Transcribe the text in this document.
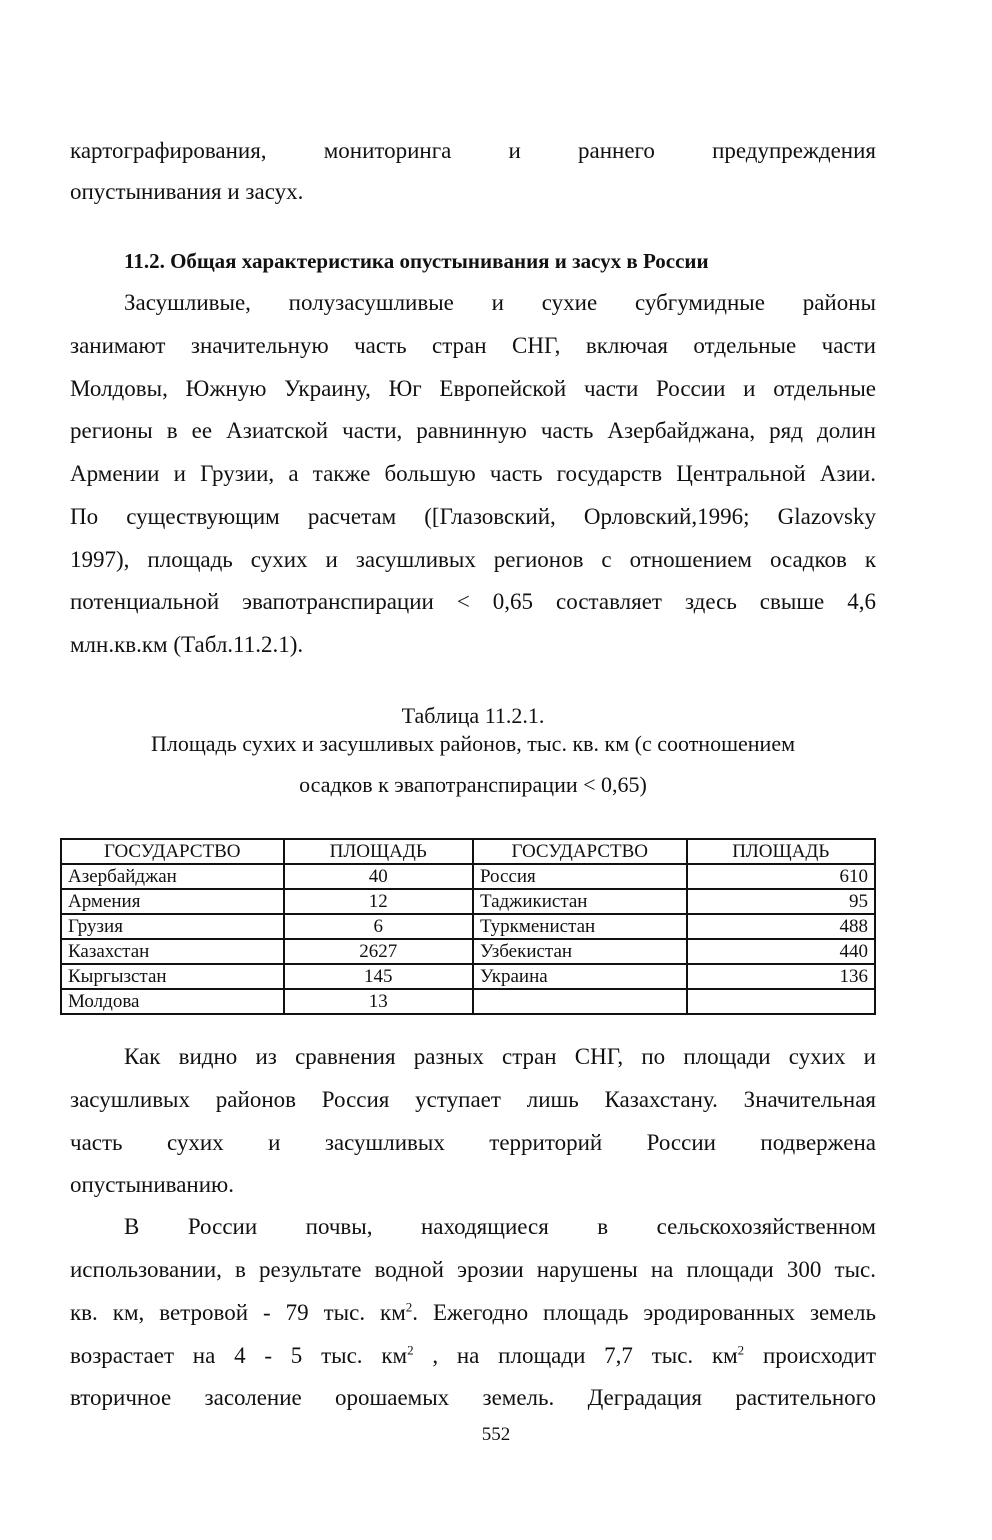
картографирования, мониторинга и раннего предупреждения
опустынивания и засух.
11.2. Общая характеристика опустынивания и засух в России
Засушливые, полузасушливые и сухие субгумидные районы
занимают значительную часть стран СНГ, включая отдельные части
Молдовы, Южную Украину, Юг Европейской части России и отдельные
регионы в ее Азиатской части, равнинную часть Азербайджана, ряд долин
Армении и Грузии, а также большую часть государств Центральной Азии.
По существующим расчетам ([Глазовский, Орловский,1996; Glazovsky
1997), площадь сухих и засушливых регионов с отношением осадков к
потенциальной эвапотранспирации < 0,65 составляет здесь свыше 4,6
млн.кв.км (Табл.11.2.1).
Таблица 11.2.1.
Площадь сухих и засушливых районов, тыс. кв. км (с соотношением
осадков к эвапотранспирации < 0,65)
ГОСУДАРСТВО	ПЛОЩАДЬ	ГОСУДАРСТВО	ПЛОЩАДЬ
Азербайджан	40	Россия	610
Армения	12	Таджикистан	95
Грузия	6	Туркменистан	488
Казахстан	2627	Узбекистан	440
Кыргызстан	145	Украина	136
Молдова	13		
Как видно из сравнения разных стран СНГ, по площади сухих и
засушливых районов Россия уступает лишь Казахстану. Значительная
часть сухих и засушливых территорий России подвержена
опустыниванию.
В России почвы, находящиеся в сельскохозяйственном
использовании, в результате водной эрозии нарушены на площади 300 тыс.
кв. км, ветровой - 79 тыс. $км^2$. Ежегодно площадь эродированных земель
возрастает на 4 - 5 тыс. $км^2$ , на площади 7,7 тыс. $км^2$ происходит
вторичное засоление орошаемых земель. Деградация растительного
552
